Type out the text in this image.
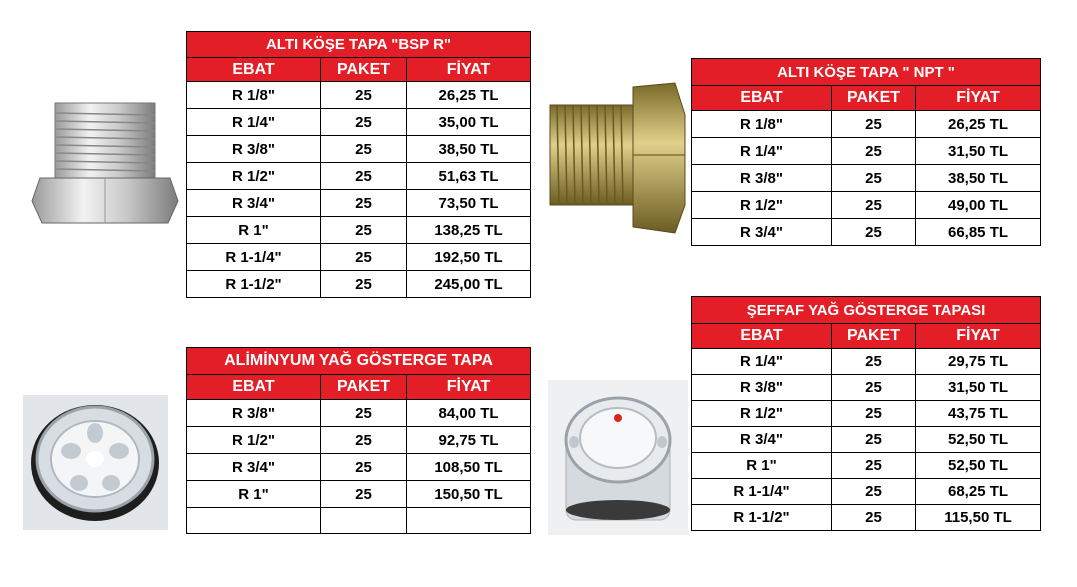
ALTI KÖŞE TAPA "BSP R"		
EBAT	PAKET	FİYAT
R 1/8"	25	26,25 TL
R 1/4"	25	35,00 TL
R 3/8"	25	38,50 TL
R 1/2"	25	51,63 TL
R 3/4"	25	73,50 TL
R 1"	25	138,25 TL
R 1-1/4"	25	192,50 TL
R 1-1/2"	25	245,00 TL
ALTI KÖŞE TAPA " NPT "		
EBAT	PAKET	FİYAT
R 1/8"	25	26,25 TL
R 1/4"	25	31,50 TL
R 3/8"	25	38,50 TL
R 1/2"	25	49,00 TL
R 3/4"	25	66,85 TL
ALİMİNYUM YAĞ GÖSTERGE TAPA		
EBAT	PAKET	FİYAT
R 3/8"	25	84,00 TL
R 1/2"	25	92,75 TL
R 3/4"	25	108,50 TL
R 1"	25	150,50 TL

ŞEFFAF YAĞ GÖSTERGE TAPASI		
EBAT	PAKET	FİYAT
R 1/4"	25	29,75 TL
R 3/8"	25	31,50 TL
R 1/2"	25	43,75 TL
R 3/4"	25	52,50 TL
R 1"	25	52,50 TL
R 1-1/4"	25	68,25 TL
R 1-1/2"	25	115,50 TL
